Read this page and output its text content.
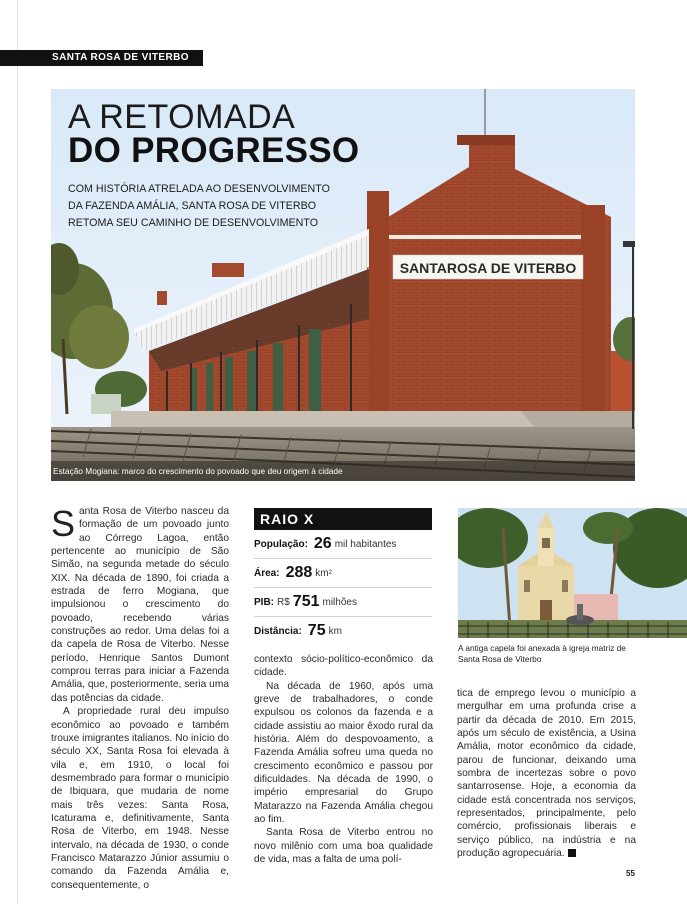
SANTA ROSA DE VITERBO
SANTAROSA DE VITERBO
A RETOMADA
DO PROGRESSO
COM HISTÓRIA ATRELADA AO DESENVOLVIMENTO
DA FAZENDA AMÁLIA, SANTA ROSA DE VITERBO
RETOMA SEU CAMINHO DE DESENVOLVIMENTO
Estação Mogiana: marco do crescimento do povoado que deu origem à cidade

Santa Rosa de Viterbo nasceu da formação de um povoado junto ao Córrego Lagoa, então pertencente ao município de São Simão, na segunda metade do século XIX. Na década de 1890, foi criada a estrada de ferro Mogiana, que impulsionou o crescimento do povoado, recebendo várias construções ao redor. Uma delas foi a da capela de Rosa de Viterbo. Nesse período, Henrique Santos Dumont comprou terras para iniciar a Fazenda Amália, que, posteriormente, seria uma das potências da cidade.

A propriedade rural deu impulso econômico ao povoado e também trouxe imigrantes italianos. No início do século XX, Santa Rosa foi elevada à vila e, em 1910, o local foi desmembrado para formar o município de Ibiquara, que mudaria de nome mais três vezes: Santa Rosa, Icaturama e, definitivamente, Santa Rosa de Viterbo, em 1948. Nesse intervalo, na década de 1930, o conde Francisco Matarazzo Júnior assumiu o comando da Fazenda Amália e, consequentemente, o

RAIO X
População: 26 mil habitantes
Área: 288 km 2
PIB: R$ 751 milhões
Distância: 75 km

contexto sócio-político-econômico da cidade.

Na década de 1960, após uma greve de trabalhadores, o conde expulsou os colonos da fazenda e a cidade assistiu ao maior êxodo rural da história. Além do despovoamento, a Fazenda Amália sofreu uma queda no crescimento econômico e passou por dificuldades. Na década de 1990, o império empresarial do Grupo Matarazzo na Fazenda Amália chegou ao fim.

Santa Rosa de Viterbo entrou no novo milênio com uma boa qualidade de vida, mas a falta de uma polí-

A antiga capela foi anexada à igreja matriz de Santa Rosa de Viterbo

tica de emprego levou o município a mergulhar em uma profunda crise a partir da década de 2010. Em 2015, após um século de existência, a Usina Amália, motor econômico da cidade, parou de funcionar, deixando uma sombra de incertezas sobre o povo santarrosense. Hoje, a economia da cidade está concentrada nos serviços, representados, principalmente, pelo comércio, profissionais liberais e serviço público, na indústria e na produção agropecuária.

55
